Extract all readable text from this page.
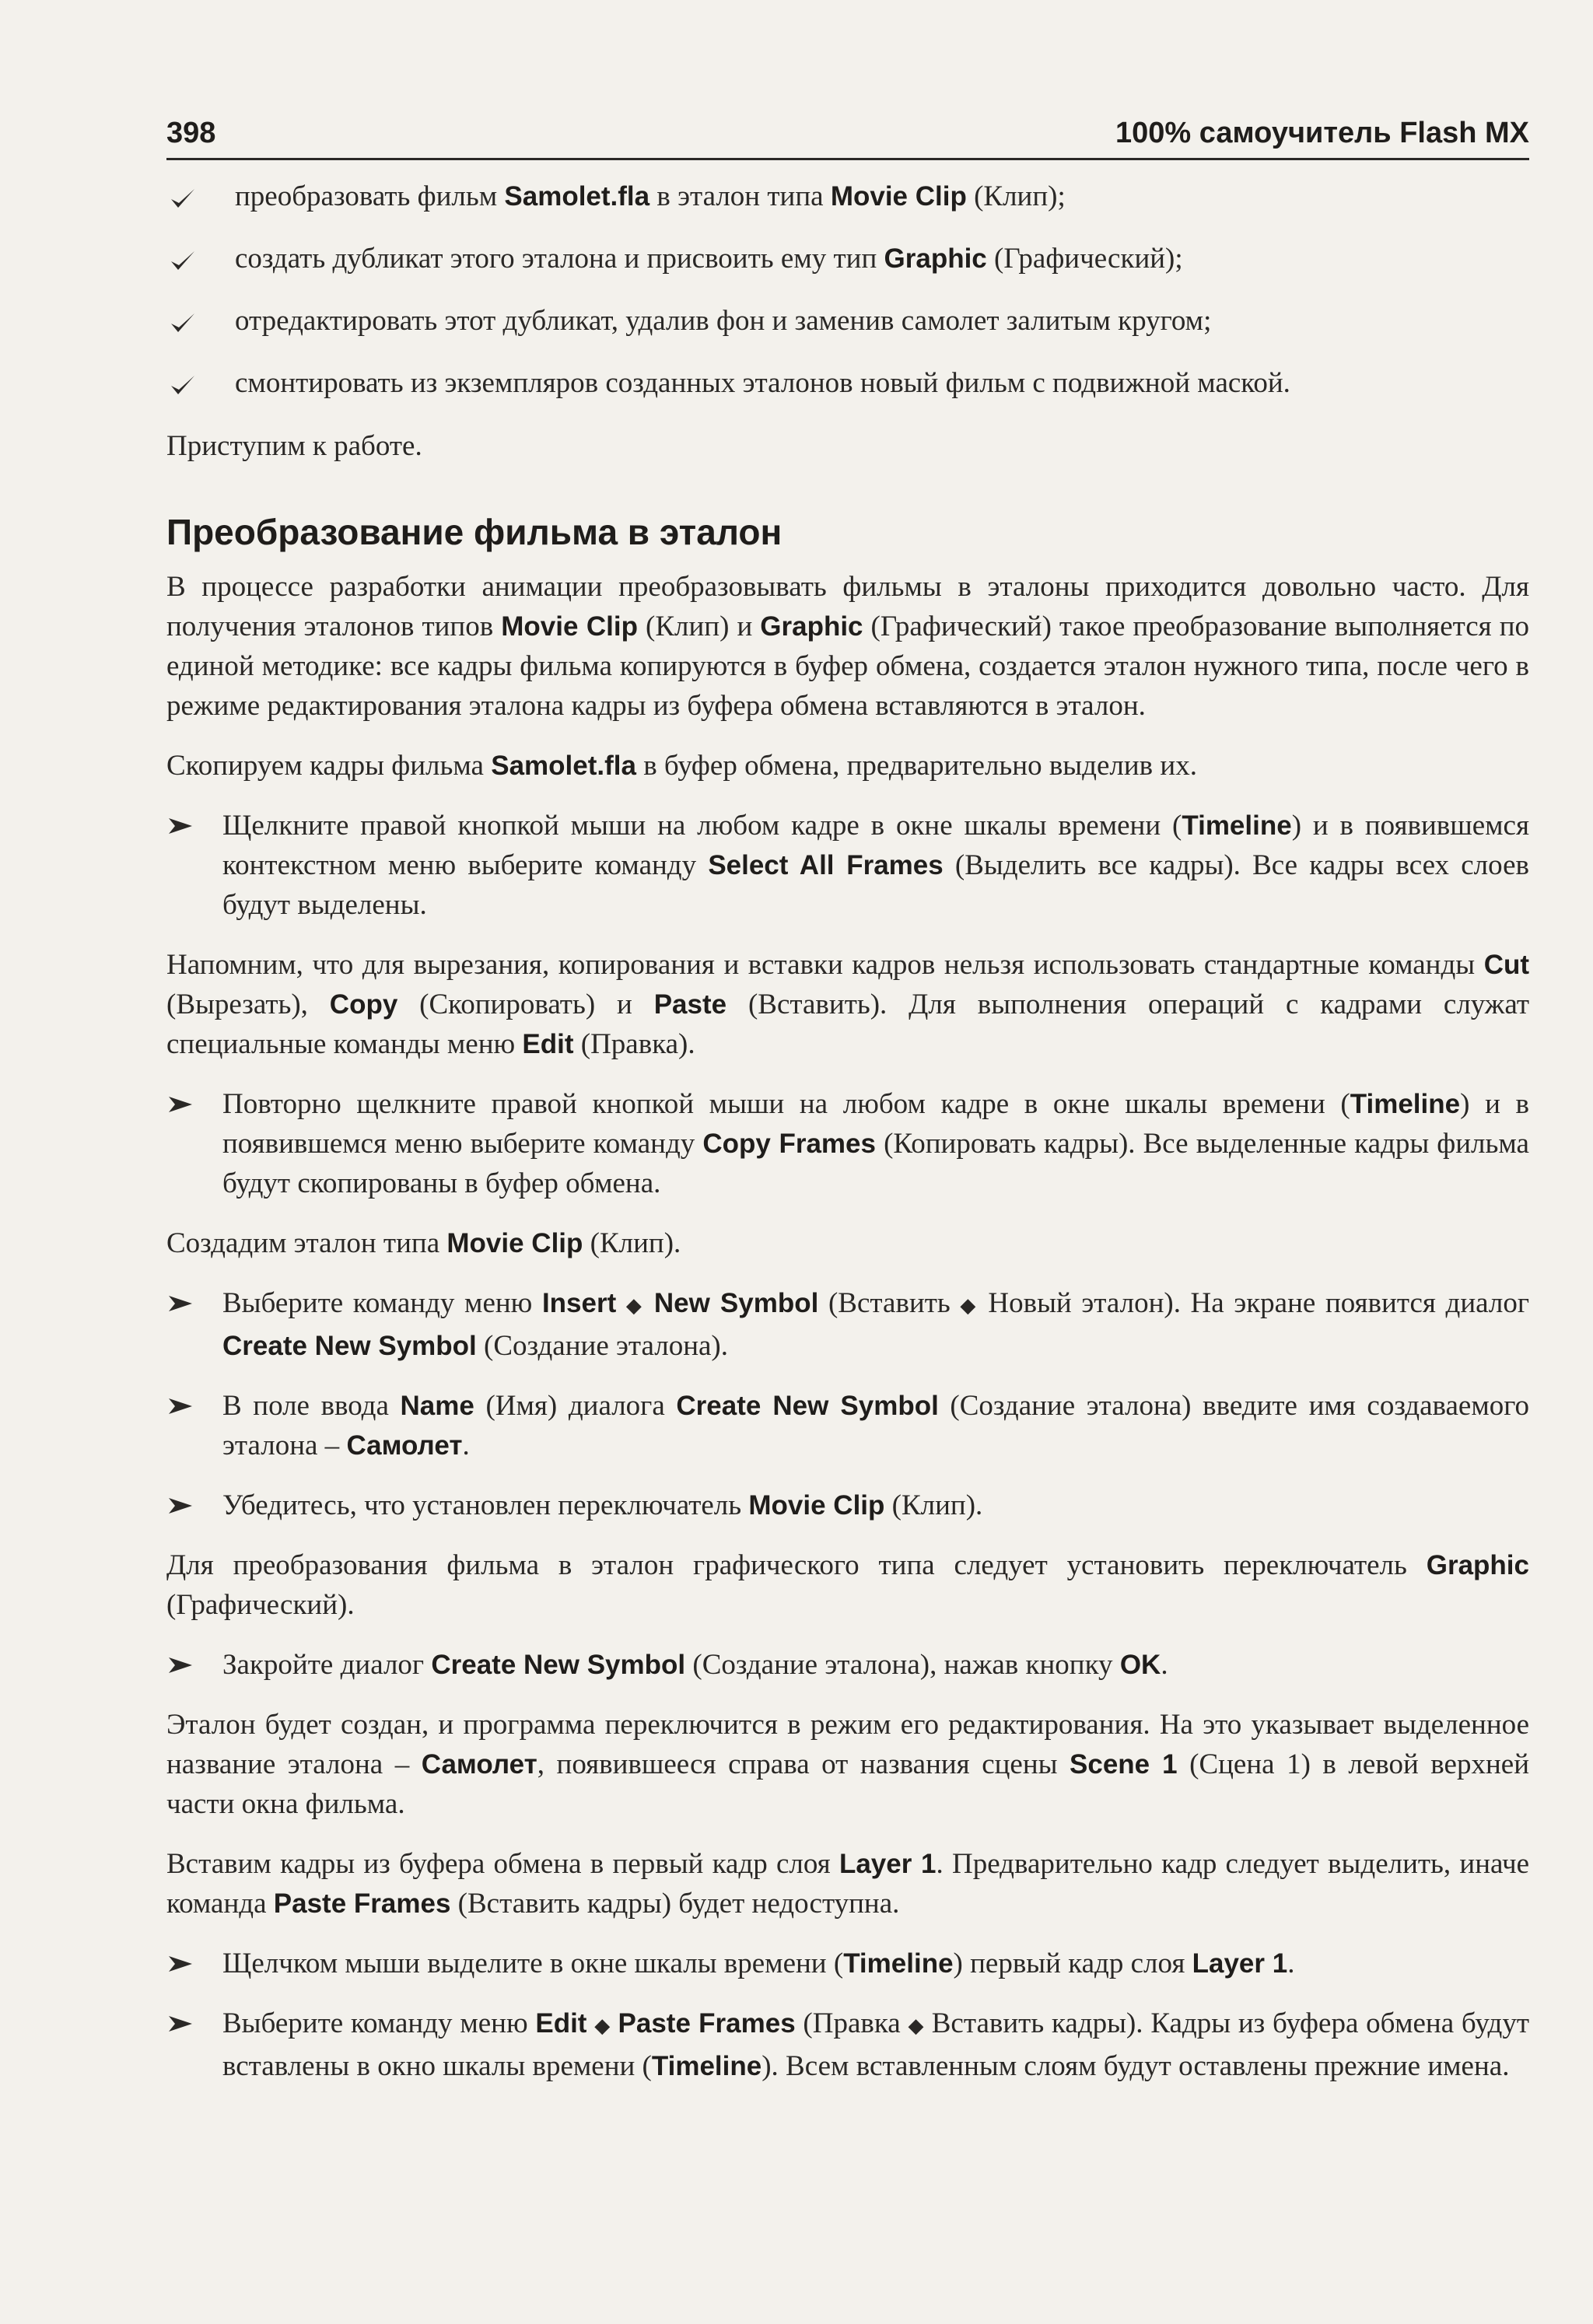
398	100% самоучитель Flash MX
преобразовать фильм Samolet.fla в эталон типа Movie Clip (Клип);
создать дубликат этого эталона и присвоить ему тип Graphic (Графический);
отредактировать этот дубликат, удалив фон и заменив самолет залитым кругом;
смонтировать из экземпляров созданных эталонов новый фильм с подвижной маской.

Приступим к работе.

Преобразование фильма в эталон

В процессе разработки анимации преобразовывать фильмы в эталоны приходится довольно часто. Для получения эталонов типов Movie Clip (Клип) и Graphic (Графический) такое преобразование выполняется по единой методике: все кадры фильма копируются в буфер обмена, создается эталон нужного типа, после чего в режиме редактирования эталона кадры из буфера обмена вставляются в эталон.

Скопируем кадры фильма Samolet.fla в буфер обмена, предварительно выделив их.

Щелкните правой кнопкой мыши на любом кадре в окне шкалы времени (Timeline) и в появившемся контекстном меню выберите команду Select All Frames (Выделить все кадры). Все кадры всех слоев будут выделены.

Напомним, что для вырезания, копирования и вставки кадров нельзя использовать стандартные команды Cut (Вырезать), Copy (Скопировать) и Paste (Вставить). Для выполнения операций с кадрами служат специальные команды меню Edit (Правка).

Повторно щелкните правой кнопкой мыши на любом кадре в окне шкалы времени (Timeline) и в появившемся меню выберите команду Copy Frames (Копировать кадры). Все выделенные кадры фильма будут скопированы в буфер обмена.

Создадим эталон типа Movie Clip (Клип).

Выберите команду меню Insert ◆ New Symbol (Вставить ◆ Новый эталон). На экране появится диалог Create New Symbol (Создание эталона).
В поле ввода Name (Имя) диалога Create New Symbol (Создание эталона) введите имя создаваемого эталона – Самолет.
Убедитесь, что установлен переключатель Movie Clip (Клип).

Для преобразования фильма в эталон графического типа следует установить переключатель Graphic (Графический).

Закройте диалог Create New Symbol (Создание эталона), нажав кнопку OK.

Эталон будет создан, и программа переключится в режим его редактирования. На это указывает выделенное название эталона – Самолет, появившееся справа от названия сцены Scene 1 (Сцена 1) в левой верхней части окна фильма.

Вставим кадры из буфера обмена в первый кадр слоя Layer 1. Предварительно кадр следует выделить, иначе команда Paste Frames (Вставить кадры) будет недоступна.

Щелчком мыши выделите в окне шкалы времени (Timeline) первый кадр слоя Layer 1.
Выберите команду меню Edit ◆ Paste Frames (Правка ◆ Вставить кадры). Кадры из буфера обмена будут вставлены в окно шкалы времени (Timeline). Всем вставленным слоям будут оставлены прежние имена.
